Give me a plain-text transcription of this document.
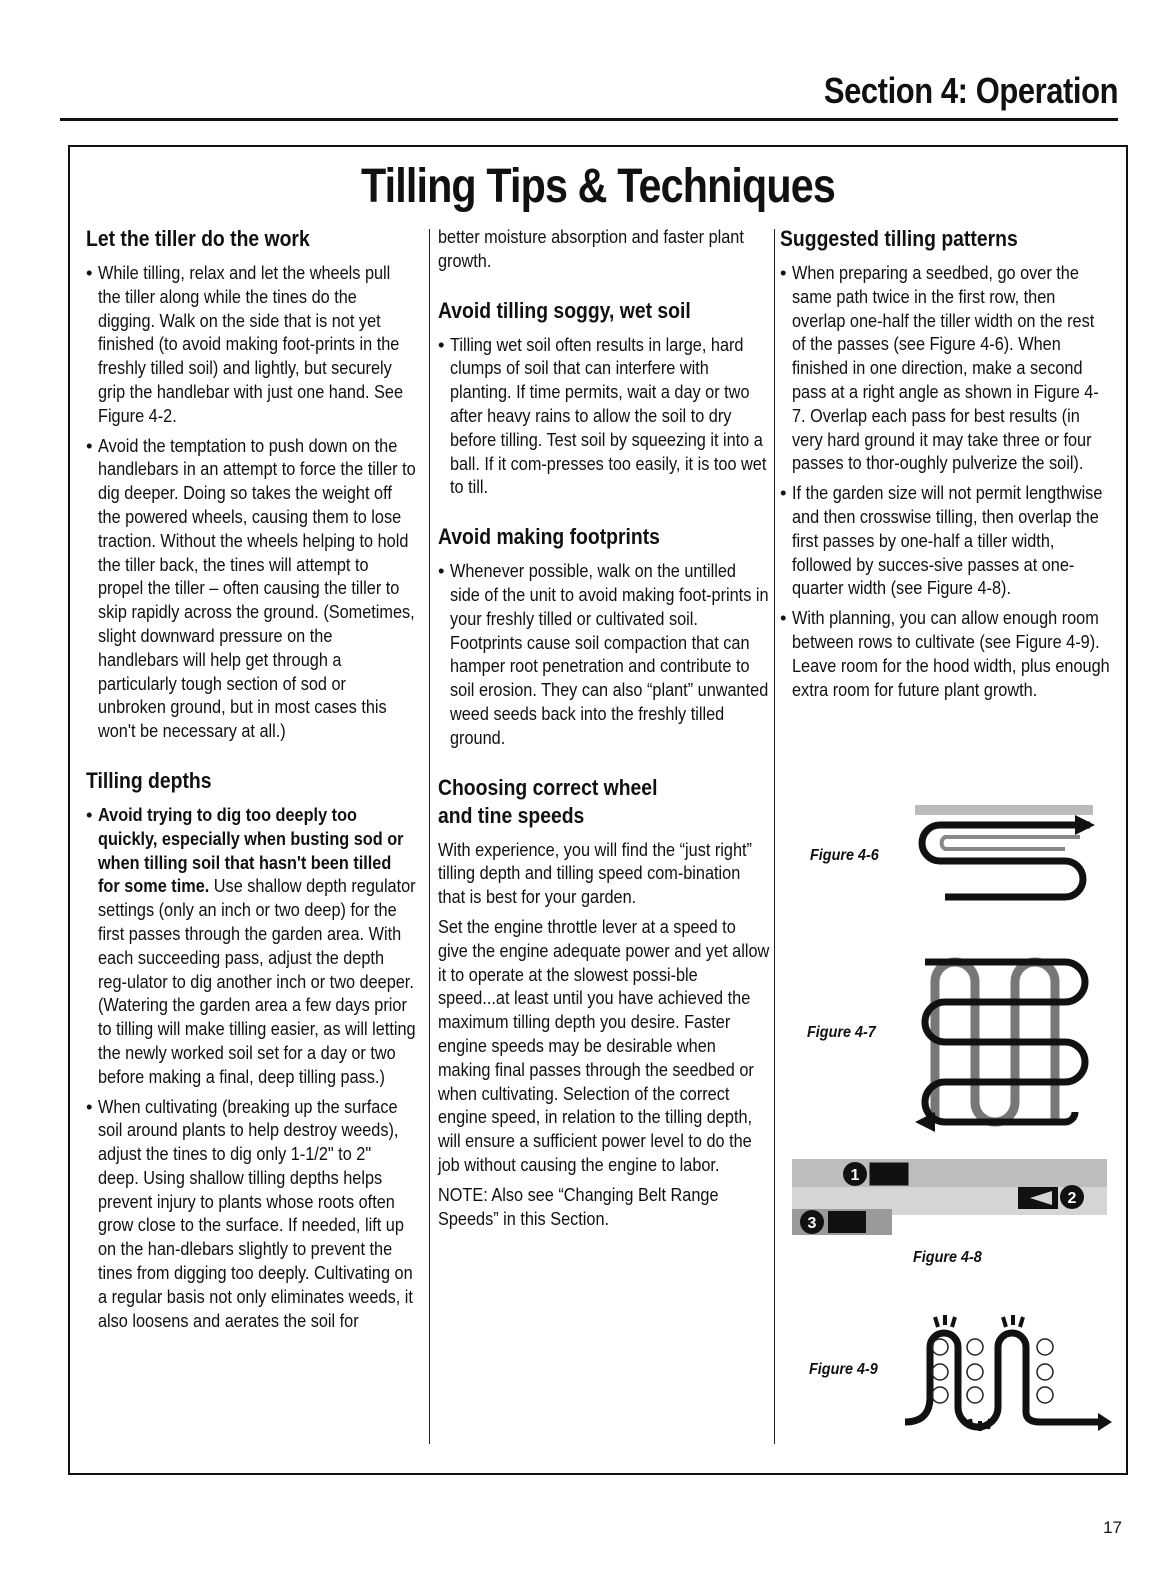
Section 4: Operation
Tilling Tips & Techniques
Let the tiller do the work
• While tilling, relax and let the wheels pull the tiller along while the tines do the digging. Walk on the side that is not yet finished (to avoid making foot-prints in the freshly tilled soil) and lightly, but securely grip the handlebar with just one hand. See Figure 4-2.
• Avoid the temptation to push down on the handlebars in an attempt to force the tiller to dig deeper. Doing so takes the weight off the powered wheels, causing them to lose traction. Without the wheels helping to hold the tiller back, the tines will attempt to propel the tiller – often causing the tiller to skip rapidly across the ground. (Sometimes, slight downward pressure on the handlebars will help get through a particularly tough section of sod or unbroken ground, but in most cases this won't be necessary at all.)
Tilling depths
• Avoid trying to dig too deeply too quickly, especially when busting sod or when tilling soil that hasn't been tilled for some time. Use shallow depth regulator settings (only an inch or two deep) for the first passes through the garden area. With each succeeding pass, adjust the depth reg-ulator to dig another inch or two deeper. (Watering the garden area a few days prior to tilling will make tilling easier, as will letting the newly worked soil set for a day or two before making a final, deep tilling pass.)
• When cultivating (breaking up the surface soil around plants to help destroy weeds), adjust the tines to dig only 1-1/2" to 2" deep. Using shallow tilling depths helps prevent injury to plants whose roots often grow close to the surface. If needed, lift up on the han-dlebars slightly to prevent the tines from digging too deeply. Cultivating on a regular basis not only eliminates weeds, it also loosens and aerates the soil for

better moisture absorption and faster plant growth.

Avoid tilling soggy, wet soil
• Tilling wet soil often results in large, hard clumps of soil that can interfere with planting. If time permits, wait a day or two after heavy rains to allow the soil to dry before tilling. Test soil by squeezing it into a ball. If it com-presses too easily, it is too wet to till.
Avoid making footprints
• Whenever possible, walk on the untilled side of the unit to avoid making foot-prints in your freshly tilled or cultivated soil. Footprints cause soil compaction that can hamper root penetration and contribute to soil erosion. They can also “plant” unwanted weed seeds back into the freshly tilled ground.
Choosing correct wheel
and tine speeds

With experience, you will find the “just right” tilling depth and tilling speed com-bination that is best for your garden.

Set the engine throttle lever at a speed to give the engine adequate power and yet allow it to operate at the slowest possi-ble speed...at least until you have achieved the maximum tilling depth you desire. Faster engine speeds may be desirable when making final passes through the seedbed or when cultivating. Selection of the correct engine speed, in relation to the tilling depth, will ensure a sufficient power level to do the job without causing the engine to labor.

NOTE: Also see “Changing Belt Range Speeds” in this Section.

Suggested tilling patterns
• When preparing a seedbed, go over the same path twice in the first row, then overlap one-half the tiller width on the rest of the passes (see Figure 4-6). When finished in one direction, make a second pass at a right angle as shown in Figure 4-7. Overlap each pass for best results (in very hard ground it may take three or four passes to thor-oughly pulverize the soil).
• If the garden size will not permit lengthwise and then crosswise tilling, then overlap the first passes by one-half a tiller width, followed by succes-sive passes at one-quarter width (see Figure 4-8).
• With planning, you can allow enough room between rows to cultivate (see Figure 4-9). Leave room for the hood width, plus enough extra room for future plant growth.
Figure 4-6
Figure 4-7
Figure 4-8
Figure 4-9
1
2
3
17
